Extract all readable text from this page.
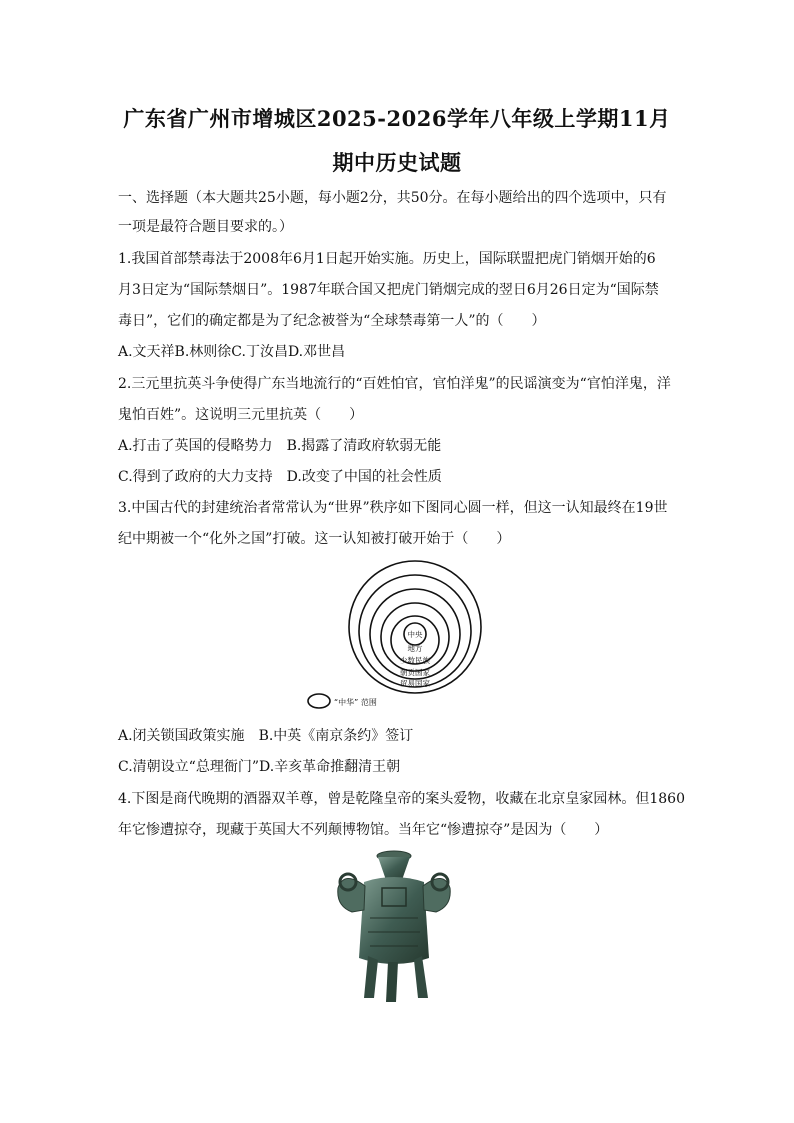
广东省广州市增城区2025-2026学年八年级上学期11月
期中历史试题

一、选择题（本大题共25小题，每小题2分，共50分。在每小题给出的四个选项中，只有

一项是最符合题目要求的。）

1.我国首部禁毒法于2008年6月1日起开始实施。历史上，国际联盟把虎门销烟开始的6

月3日定为“国际禁烟日”。1987年联合国又把虎门销烟完成的翌日6月26日定为“国际禁

毒日”，它们的确定都是为了纪念被誉为“全球禁毒第一人”的（　　）

A.文天祥B.林则徐C.丁汝昌D.邓世昌

2.三元里抗英斗争使得广东当地流行的“百姓怕官，官怕洋鬼”的民谣演变为“官怕洋鬼，洋

鬼怕百姓”。这说明三元里抗英（　　）

A.打击了英国的侵略势力 B.揭露了清政府软弱无能

C.得到了政府的大力支持 D.改变了中国的社会性质

3.中国古代的封建统治者常常认为“世界”秩序如下图同心圆一样，但这一认知最终在19世

纪中期被一个“化外之国”打破。这一认知被打破开始于（　　）

中央
地方
少数民族
朝贡国家
贸易国家
“中华” 范围

A.闭关锁国政策实施 B.中英《南京条约》签订

C.清朝设立“总理衙门”D.辛亥革命推翻清王朝

4.下图是商代晚期的酒器双羊尊，曾是乾隆皇帝的案头爱物，收藏在北京皇家园林。但1860

年它惨遭掠夺，现藏于英国大不列颠博物馆。当年它“惨遭掠夺”是因为（　　）
